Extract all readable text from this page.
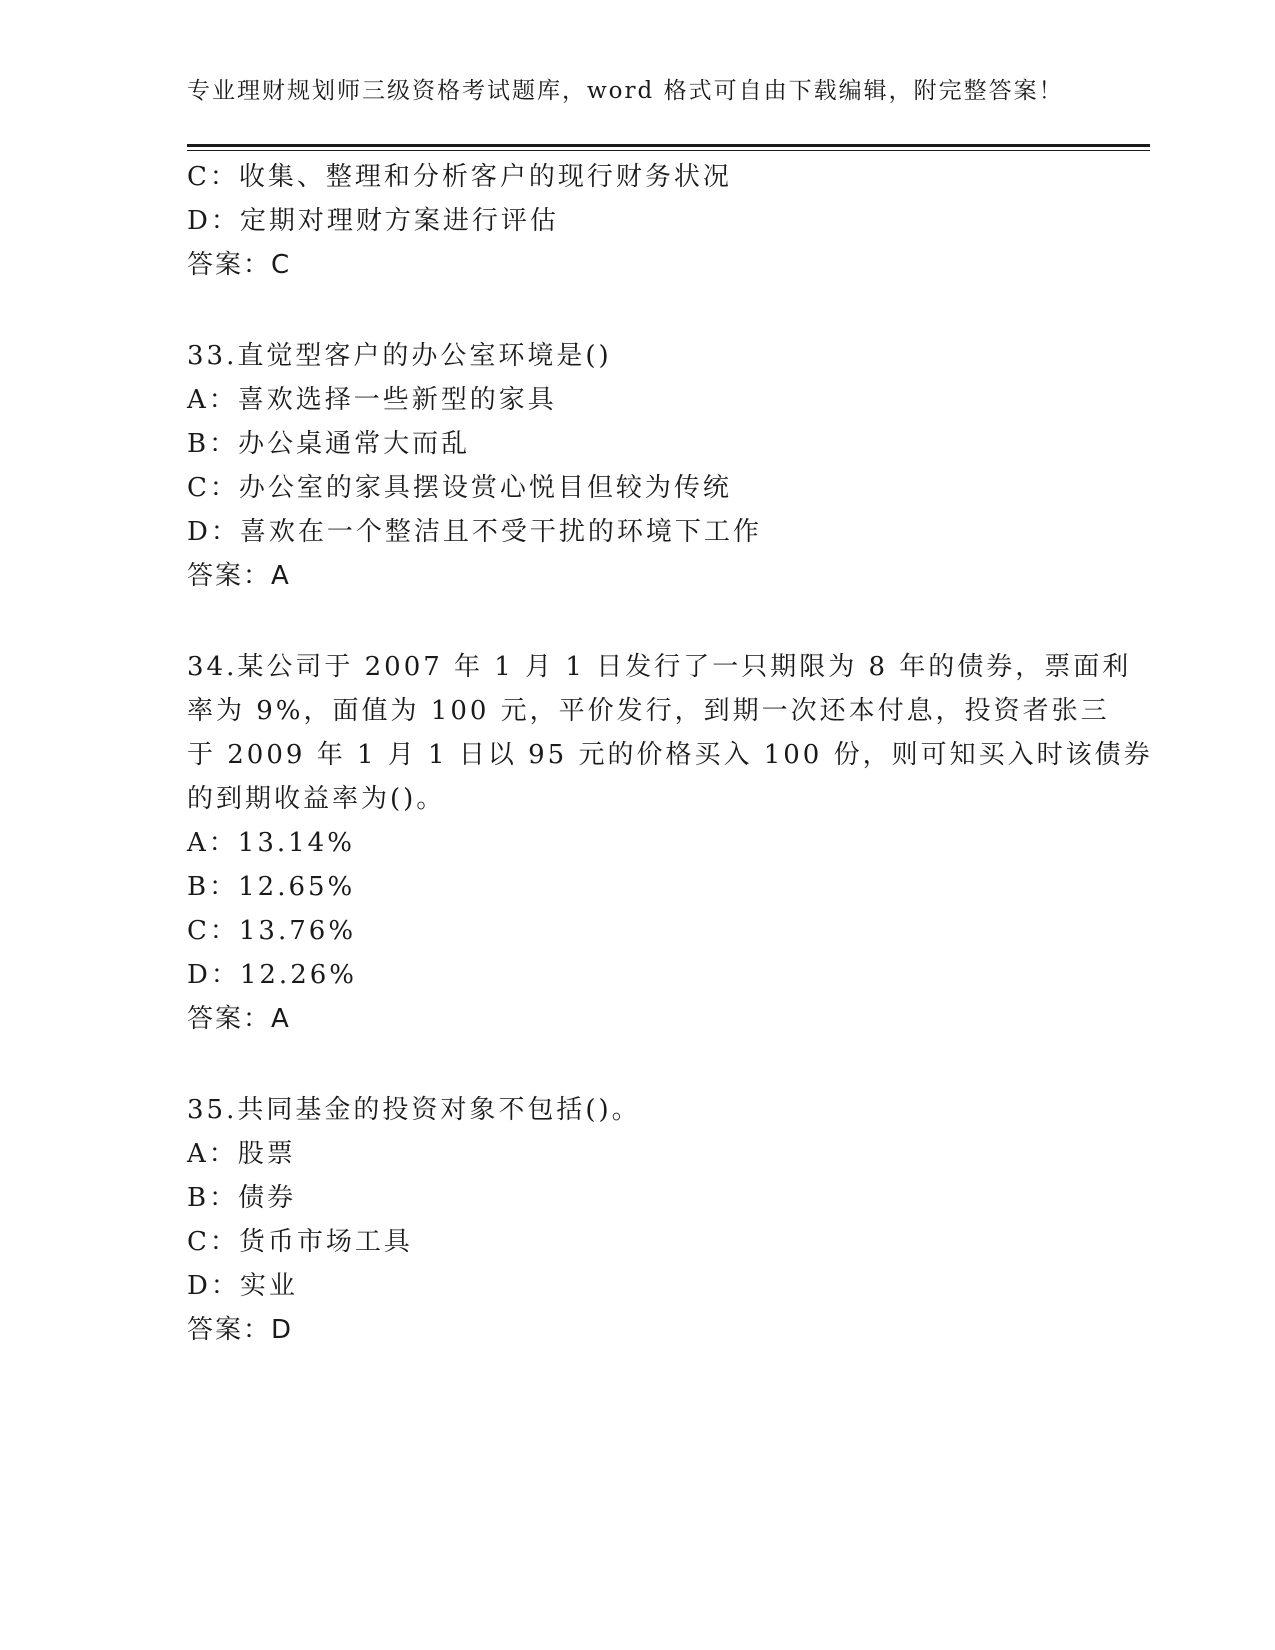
专业理财规划师三级资格考试题库，word 格式可自由下载编辑，附完整答案！
C：收集、整理和分析客户的现行财务状况
D：定期对理财方案进行评估
答案：C
33.直觉型客户的办公室环境是()
A：喜欢选择一些新型的家具
B：办公桌通常大而乱
C：办公室的家具摆设赏心悦目但较为传统
D：喜欢在一个整洁且不受干扰的环境下工作
答案：A
34.某公司于 2007 年 1 月 1 日发行了一只期限为 8 年的债券，票面利
率为 9%，面值为 100 元，平价发行，到期一次还本付息，投资者张三
于 2009 年 1 月 1 日以 95 元的价格买入 100 份，则可知买入时该债券
的到期收益率为()。
A：13.14%
B：12.65%
C：13.76%
D：12.26%
答案：A
35.共同基金的投资对象不包括()。
A：股票
B：债券
C：货币市场工具
D：实业
答案：D
